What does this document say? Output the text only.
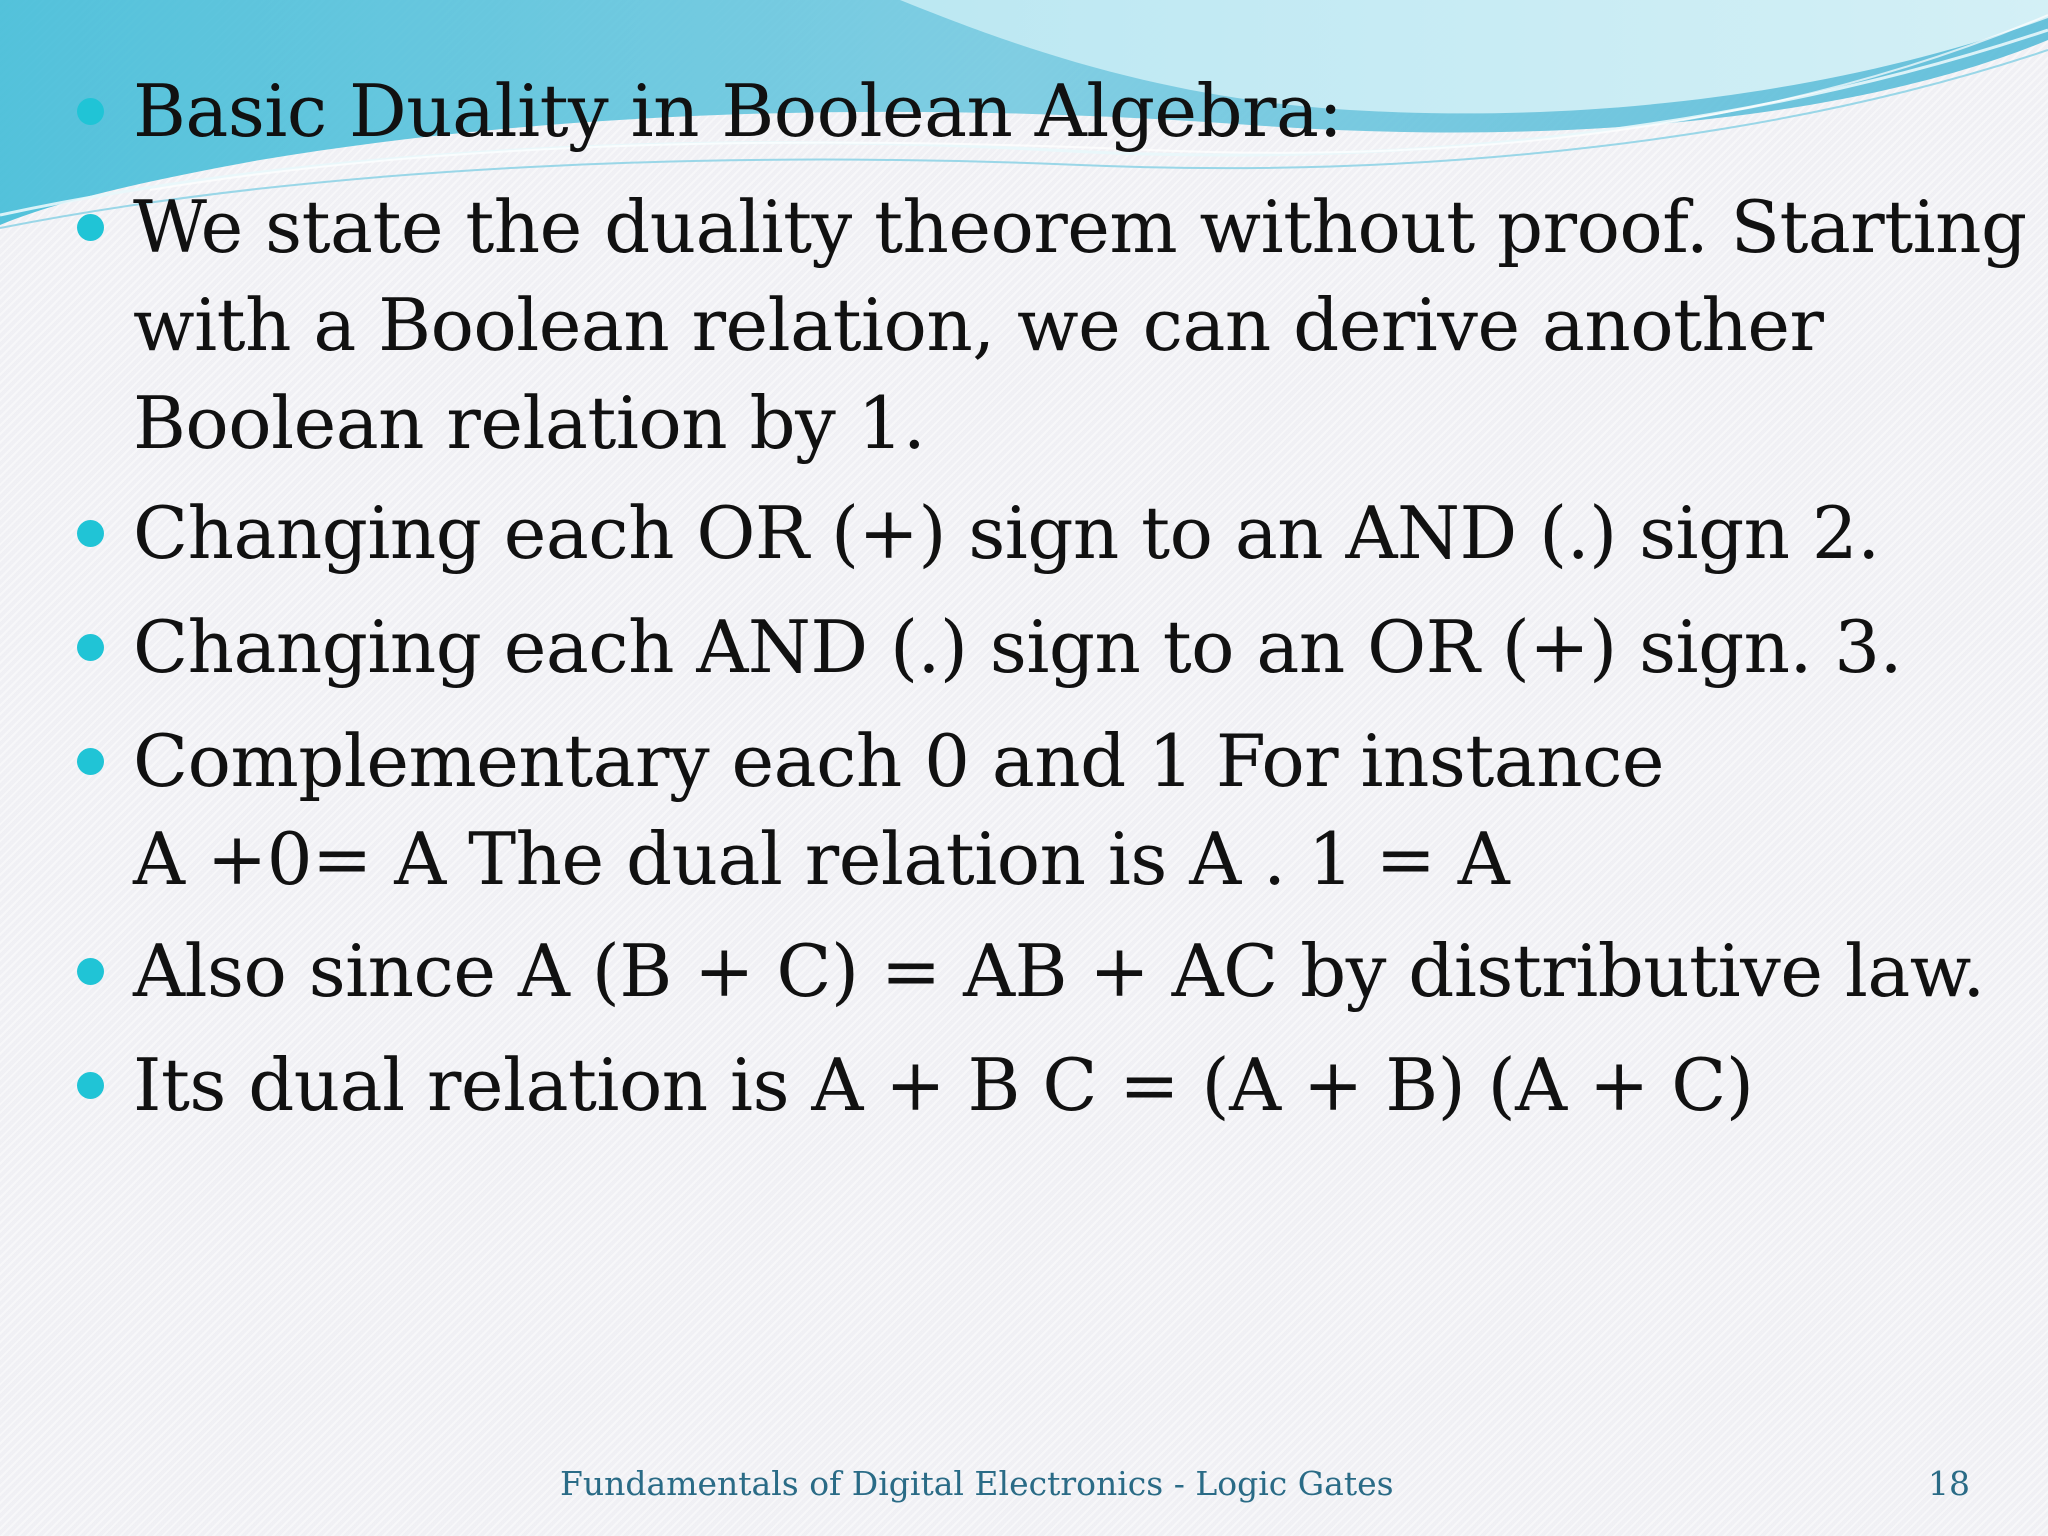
Basic Duality in Boolean Algebra:
We state the duality theorem without proof. Starting
with a Boolean relation, we can derive another
Boolean relation by 1.
Changing each OR (+) sign to an AND (.) sign 2.
Changing each AND (.) sign to an OR (+) sign. 3.
Complementary each 0 and 1 For instance
A +0= A The dual relation is A . 1 = A
Also since A (B + C) = AB + AC by distributive law.
Its dual relation is A + B C = (A + B) (A + C)
Fundamentals of Digital Electronics - Logic Gates	18
